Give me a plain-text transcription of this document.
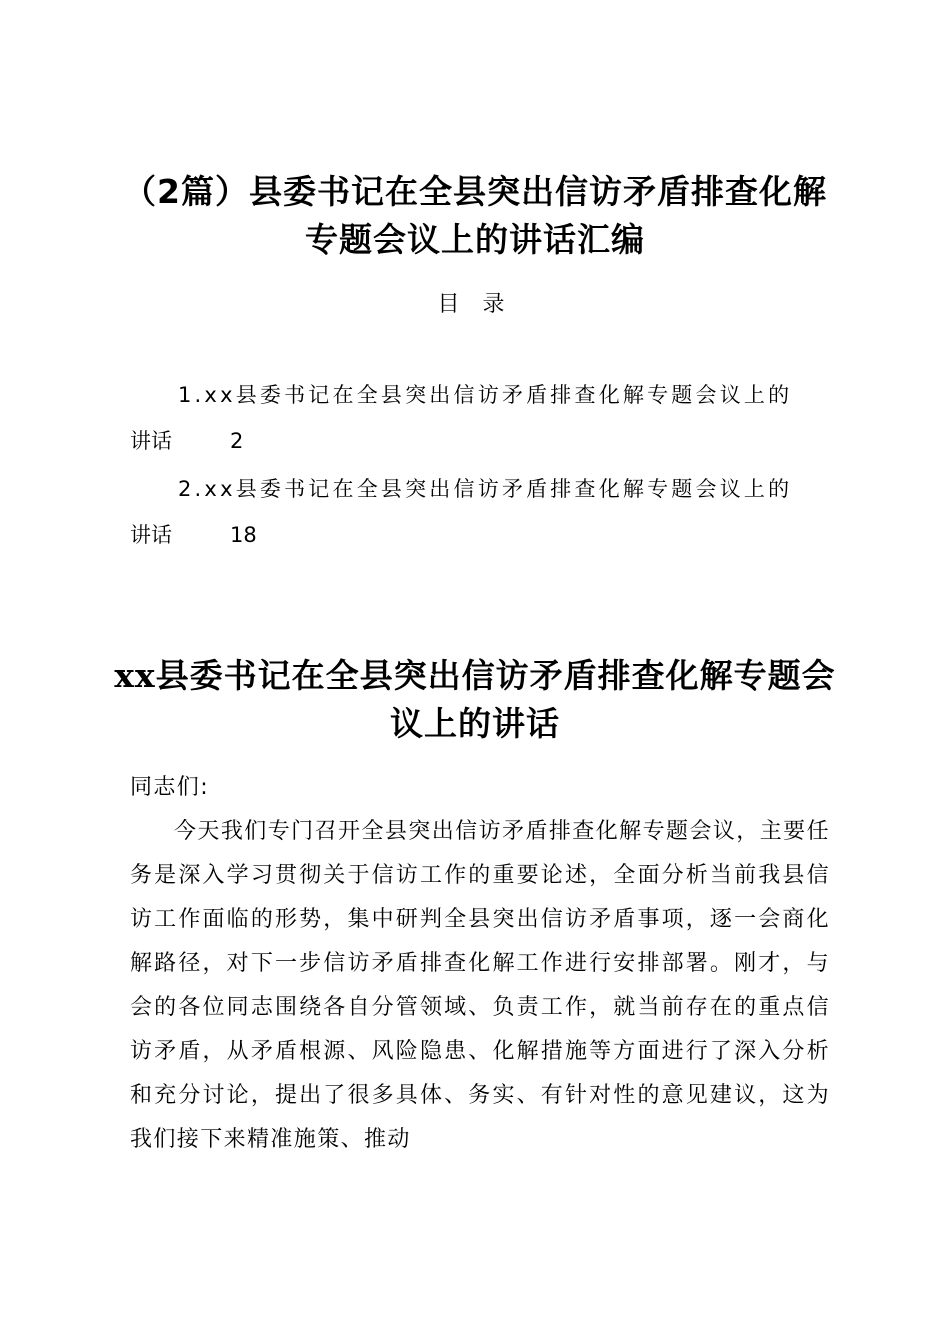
（2篇）县委书记在全县突出信访矛盾排查化解专题会议上的讲话汇编
目 录
1.xx县委书记在全县突出信访矛盾排查化解专题会议上的
讲话	2
2.xx县委书记在全县突出信访矛盾排查化解专题会议上的
讲话	18
xx县委书记在全县突出信访矛盾排查化解专题会议上的讲话
同志们:
今天我们专门召开全县突出信访矛盾排查化解专题会议，主要任务是深入学习贯彻关于信访工作的重要论述，全面分析当前我县信访工作面临的形势，集中研判全县突出信访矛盾事项，逐一会商化解路径，对下一步信访矛盾排查化解工作进行安排部署。刚才，与会的各位同志围绕各自分管领域、负责工作，就当前存在的重点信访矛盾，从矛盾根源、风险隐患、化解措施等方面进行了深入分析和充分讨论，提出了很多具体、务实、有针对性的意见建议，这为我们接下来精准施策、推动
